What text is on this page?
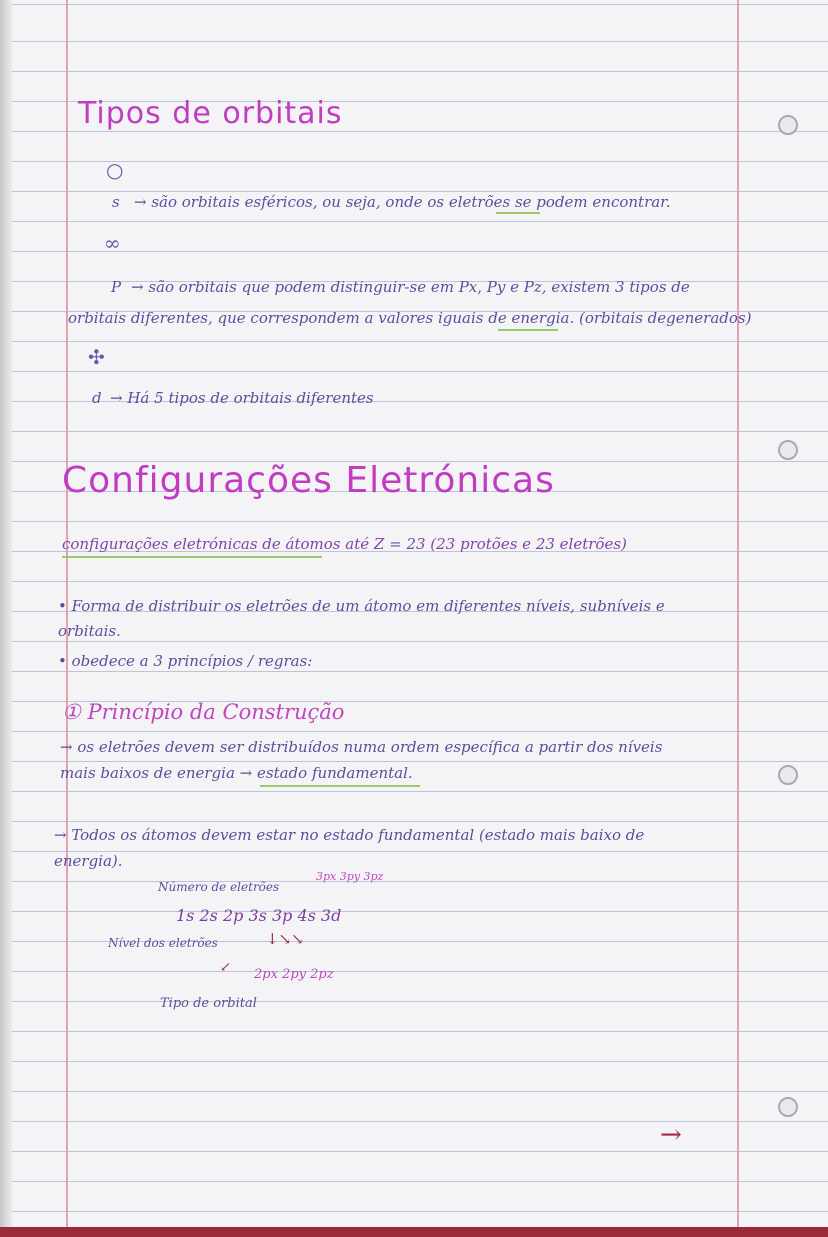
Tipos de orbitais
○
s → são orbitais esféricos, ou seja, onde os eletrões se podem encontrar.
∞
P → são orbitais que podem distinguir-se em Px, Py e Pz, existem 3 tipos de
orbitais diferentes, que correspondem a valores iguais de energia. (orbitais degenerados)
✣
d → Há 5 tipos de orbitais diferentes
Configurações Eletrónicas
configurações eletrónicas de átomos até Z = 23 (23 protões e 23 eletrões)
• Forma de distribuir os eletrões de um átomo em diferentes níveis, subníveis e
orbitais.
• obedece a 3 princípios / regras:
① Princípio da Construção
→ os eletrões devem ser distribuídos numa ordem específica a partir dos níveis
mais baixos de energia → estado fundamental.
→ Todos os átomos devem estar no estado fundamental (estado mais baixo de
energia).
Número de eletrões
3px 3py 3pz
1s 2s 2p 3s 3p 4s 3d
Nível dos eletrões	↓↘↘
↙ 2px 2py 2pz
Tipo de orbital
→
